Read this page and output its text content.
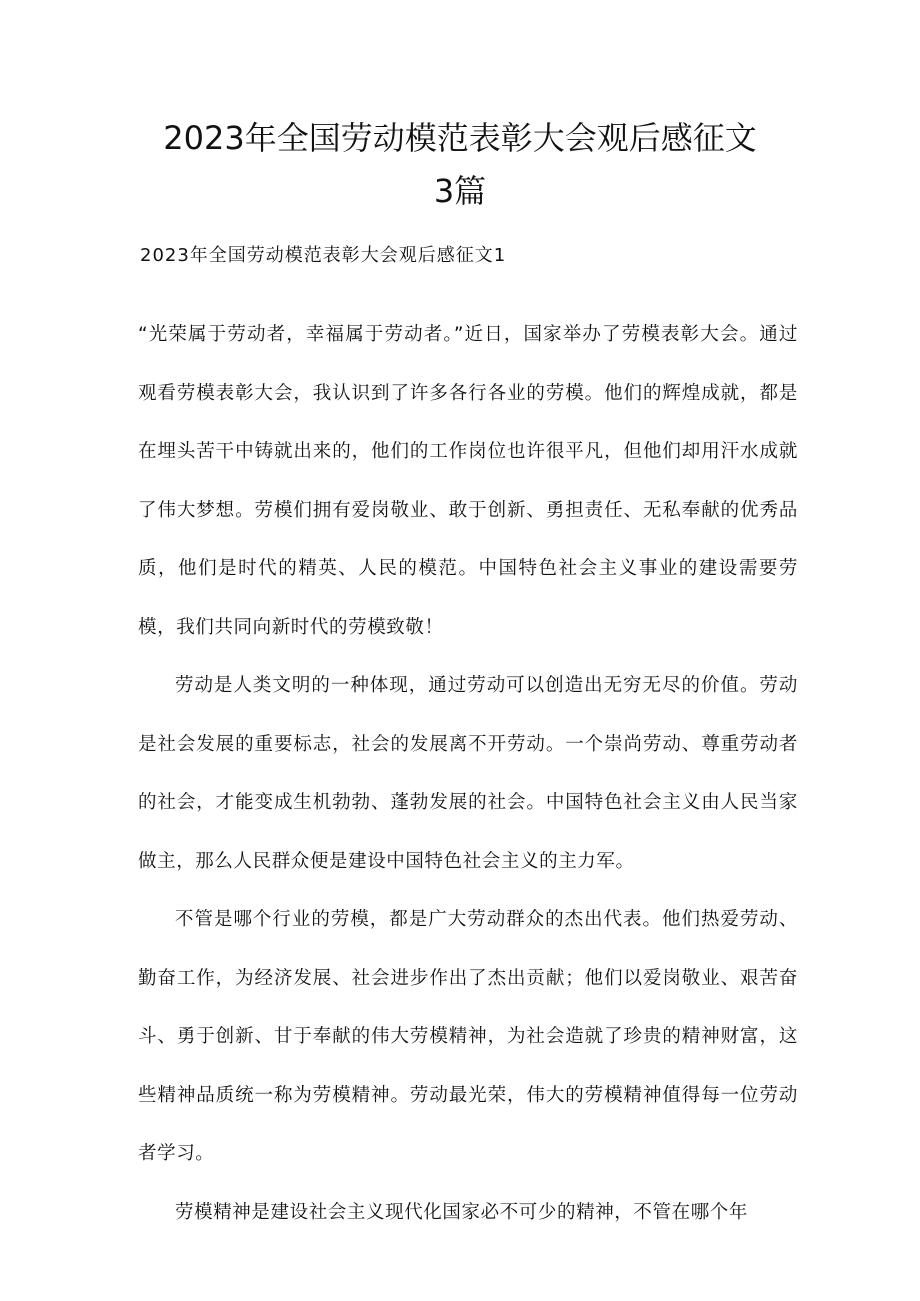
2023年全国劳动模范表彰大会观后感征文
3篇
2023年全国劳动模范表彰大会观后感征文1

“光荣属于劳动者，幸福属于劳动者。”近日，国家举办了劳模表彰大会。通过观看劳模表彰大会，我认识到了许多各行各业的劳模。他们的辉煌成就，都是在埋头苦干中铸就出来的，他们的工作岗位也许很平凡，但他们却用汗水成就了伟大梦想。劳模们拥有爱岗敬业、敢于创新、勇担责任、无私奉献的优秀品质，他们是时代的精英、人民的模范。中国特色社会主义事业的建设需要劳模，我们共同向新时代的劳模致敬！

劳动是人类文明的一种体现，通过劳动可以创造出无穷无尽的价值。劳动是社会发展的重要标志，社会的发展离不开劳动。一个崇尚劳动、尊重劳动者的社会，才能变成生机勃勃、蓬勃发展的社会。中国特色社会主义由人民当家做主，那么人民群众便是建设中国特色社会主义的主力军。

不管是哪个行业的劳模，都是广大劳动群众的杰出代表。他们热爱劳动、勤奋工作，为经济发展、社会进步作出了杰出贡献；他们以爱岗敬业、艰苦奋斗、勇于创新、甘于奉献的伟大劳模精神，为社会造就了珍贵的精神财富，这些精神品质统一称为劳模精神。劳动最光荣，伟大的劳模精神值得每一位劳动者学习。

劳模精神是建设社会主义现代化国家必不可少的精神，不管在哪个年
